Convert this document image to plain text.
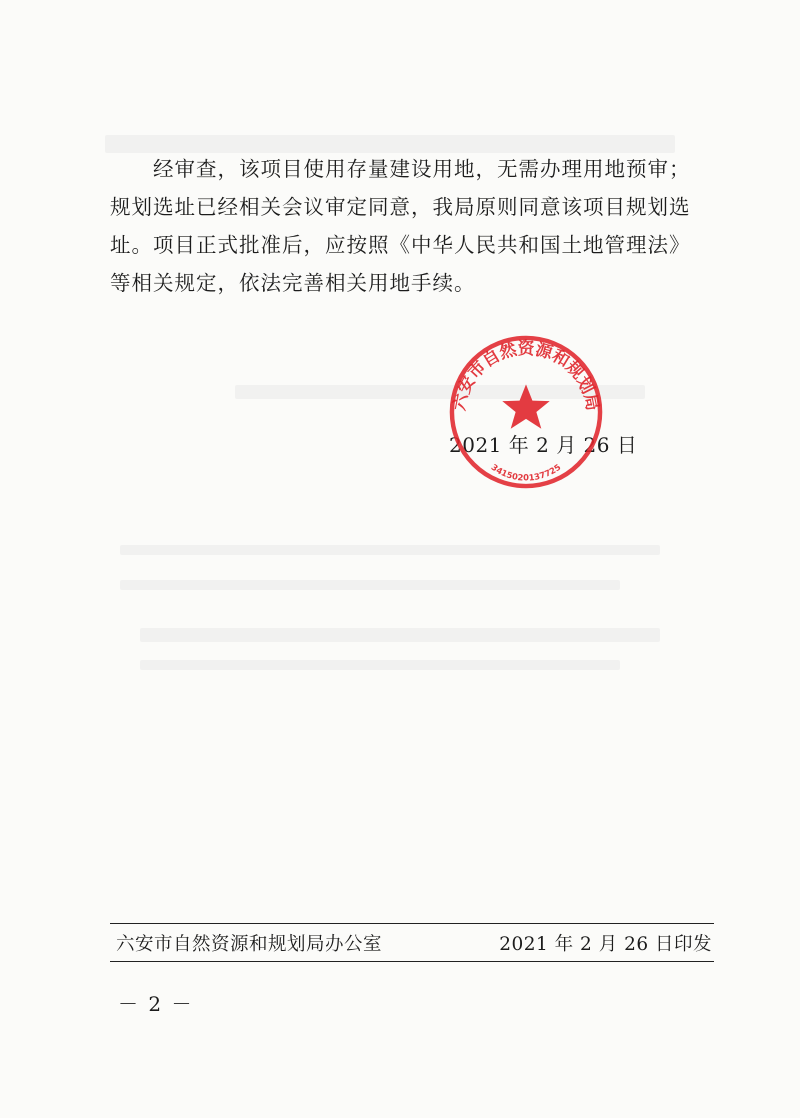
经审查，该项目使用存量建设用地，无需办理用地预审；规划选址已经相关会议审定同意，我局原则同意该项目规划选址。项目正式批准后，应按照《中华人民共和国土地管理法》等相关规定，依法完善相关用地手续。

2021 年 2 月 26 日
六安市自然资源和规划局
3415020137725
六安市自然资源和规划局办公室	2021 年 2 月 26 日印发
－ 2 －
